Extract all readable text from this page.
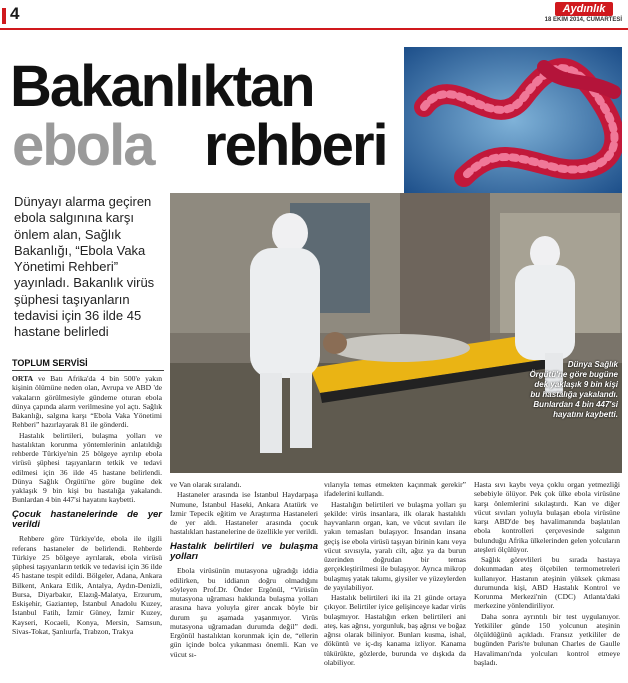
4	Aydınlık
18 EKİM 2014, CUMARTESİ
Bakanlıktan
ebola rehberi
Dünya Sağlık Örgütü'ne göre bugüne dek yaklaşık 9 bin kişi bu hastalığa yakalandı. Bunlardan 4 bin 447'si hayatını kaybetti.
Dünyayı alarma geçiren ebola salgınına karşı önlem alan, Sağlık Bakanlığı, “Ebola Vaka Yönetimi Rehberi” yayınladı. Bakanlık virüs şüphesi taşıyanların tedavisi için 36 ilde 45 hastane belirledi
TOPLUM SERVİSİ

ORTA ve Batı Afrika'da 4 bin 500'e yakın kişinin ölümüne neden olan, Avrupa ve ABD 'de vakaların görülmesiyle gündeme oturan ebola dünya çapında alarm verilmesine yol açtı. Sağlık Bakanlığı, salgına karşı “Ebola Vaka Yönetimi Rehberi” hazırlayarak 81 ile gönderdi.

Hastalık belirtileri, bulaşma yolları ve hastalıktan korunma yöntemlerinin anlatıldığı rehberde Türkiye'nin 25 bölgeye ayrılıp ebola virüsü şüphesi taşıyanların tetkik ve tedavi edilmesi için 36 ilde 45 hastane belirlendi. Dünya Sağlık Örgütü'ne göre bugüne dek yaklaşık 9 bin kişi bu hastalığa yakalandı. Bunlardan 4 bin 447'si hayatını kaybetti.

Çocuk hastanelerinde de yer verildi

Rehbere göre Türkiye'de, ebola ile ilgili referans hastaneler de belirlendi. Rehberde Türkiye 25 bölgeye ayrılarak, ebola virüsü şüphesi taşıyanların tetkik ve tedavisi için 36 ilde 45 hastane tespit edildi. Bölgeler, Adana, Ankara Bilkent, Ankara Etlik, Antalya, Aydın-Denizli, Bursa, Diyarbakır, Elazığ-Malatya, Erzurum, Eskişehir, Gaziantep, İstanbul Anadolu Kuzey, İstanbul Fatih, İzmir Güney, İzmir Kuzey, Kayseri, Kocaeli, Konya, Mersin, Samsun, Sivas-Tokat, Şanlıurfa, Trabzon, Trakya

ve Van olarak sıralandı.

Hastaneler arasında ise İstanbul Haydarpaşa Numune, İstanbul Haseki, Ankara Atatürk ve İzmir Tepecik eğitim ve Araştırma Hastaneleri de yer aldı. Hastaneler arasında çocuk hastalıkları hastanelerine de özellikle yer verildi.

Hastalık belirtileri ve bulaşma yolları

Ebola virüsünün mutasyona uğradığı iddia edilirken, bu iddianın doğru olmadığını söyleyen Prof.Dr. Önder Ergönül, “Virüsün mutasyona uğraması hakkında bulaşma yolları arasına hava yoluyla girer ancak böyle bir durum şu aşamada yaşanmıyor. Virüs mutasyona uğramadan durumda değil” dedi. Ergönül hastalıktan korunmak için de, “ellerin gün içinde bolca yıkanması önemli. Kan ve vücut sı-

vılarıyla temas etmekten kaçınmak gerekir” ifadelerini kullandı.

Hastalığın belirtileri ve bulaşma yolları şu şekilde: virüs insanlara, ilk olarak hastalıklı hayvanların organ, kan, ve vücut sıvıları ile yakın temasları bulaşıyor. İnsandan insana geçiş ise ebola virüsü taşıyan birinin kanı veya vücut sıvısıyla, yaralı cilt, ağız ya da burun üzerinden doğrudan bir temas gerçekleştirilmesi ile bulaşıyor. Ayrıca mikrop bulaşmış yatak takımı, giysiler ve yüzeylerden de yayılabiliyor.

Hastalık belirtileri iki ila 21 günde ortaya çıkıyor. Belirtiler iyice gelişinceye kadar virüs bulaşmıyor. Hastalığın erken belirtileri ani ateş, kas ağrısı, yorgunluk, baş ağrısı ve boğaz ağrısı olarak biliniyor. Bunları kusma, ishal, döküntü ve iç-dış kanama izliyor. Kanama tükürükte, gözlerde, burunda ve dışkıda da olabiliyor.

Hasta sıvı kaybı veya çoklu organ yetmezliği sebebiyle ölüyor. Pek çok ülke ebola virüsüne karşı önlemlerini sıkılaştırdı. Kan ve diğer vücut sıvıları yoluyla bulaşan ebola virüsüne karşı ABD'de beş havalimanında başlatılan ebola kontrolleri çerçevesinde salgının bulunduğu Afrika ülkelerinden gelen yolcuların ateşleri ölçülüyor.

Sağlık görevlileri bu sırada hastaya dokunmadan ateş ölçebilen termometreleri kullanıyor. Hastanın ateşinin yüksek çıkması durumunda kişi, ABD Hastalık Kontrol ve Korunma Merkezi'nin (CDC) Atlanta'daki merkezine yönlendiriliyor.

Daha sonra ayrıntılı bir test uygulanıyor. Yetkililer günde 150 yolcunun ateşinin ölçüldüğünü açıkladı. Fransız yetkililer de bugünden Paris'te bulunan Charles de Gaulle Havalimanı'nda yolcuları kontrol etmeye başladı.
